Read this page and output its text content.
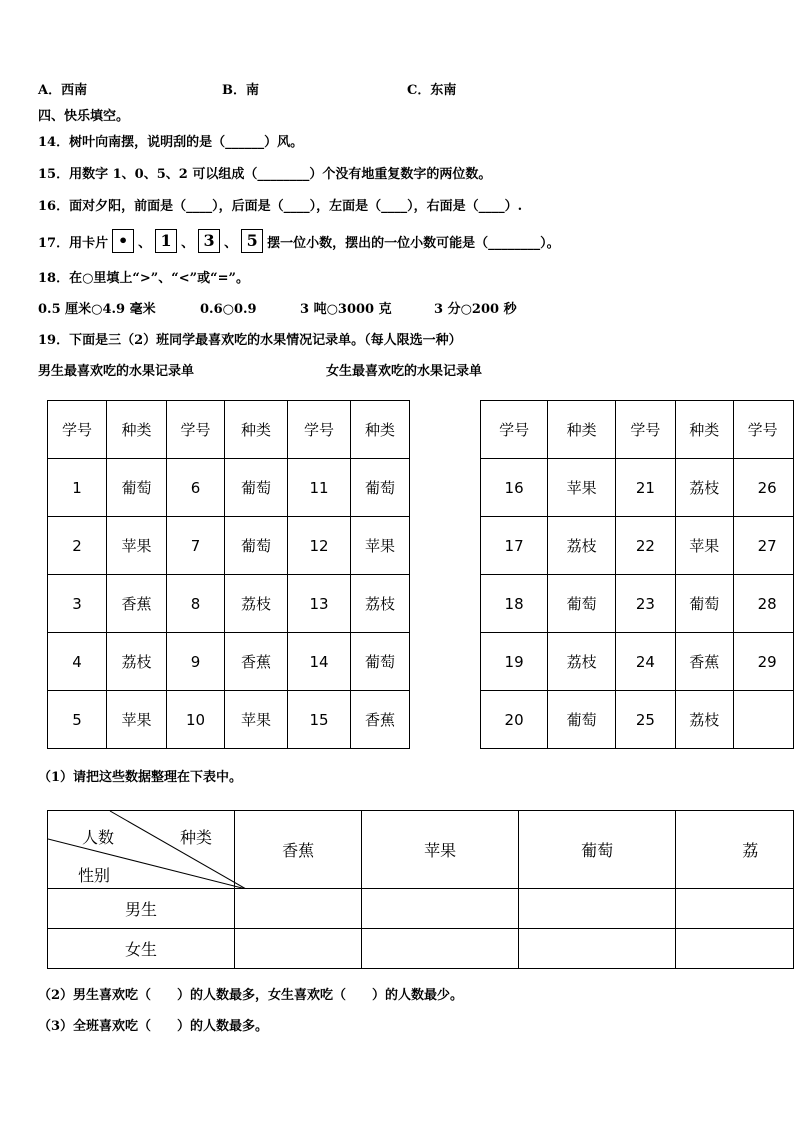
A．西南	B．南	C．东南
四、快乐填空。
14．树叶向南摆，说明刮的是（______）风。
15．用数字 1、0、5、2 可以组成（________）个没有地重复数字的两位数。
16．面对夕阳，前面是（____），后面是（____），左面是（____），右面是（____）.
17．用卡片 • 、 1 、 3 、 5 摆一位小数，摆出的一位小数可能是（________）。
18．在○里填上“>”、“<”或“=”。
0.5 厘米○4.9 毫米	0.6○0.9	3 吨○3000 克	3 分○200 秒
19．下面是三（2）班同学最喜欢吃的水果情况记录单。（每人限选一种）
男生最喜欢吃的水果记录单	女生最喜欢吃的水果记录单
学号	种类	学号	种类	学号	种类
1	葡萄	6	葡萄	11	葡萄
2	苹果	7	葡萄	12	苹果
3	香蕉	8	荔枝	13	荔枝
4	荔枝	9	香蕉	14	葡萄
5	苹果	10	苹果	15	香蕉
学号	种类	学号	种类	学号
16	苹果	21	荔枝	26
17	荔枝	22	苹果	27
18	葡萄	23	葡萄	28
19	荔枝	24	香蕉	29
20	葡萄	25	荔枝	
（1）请把这些数据整理在下表中。
人数 种类
性别	香蕉	苹果	葡萄	荔
男生				
女生				
（2）男生喜欢吃（　　）的人数最多，女生喜欢吃（　　）的人数最少。
（3）全班喜欢吃（　　）的人数最多。
